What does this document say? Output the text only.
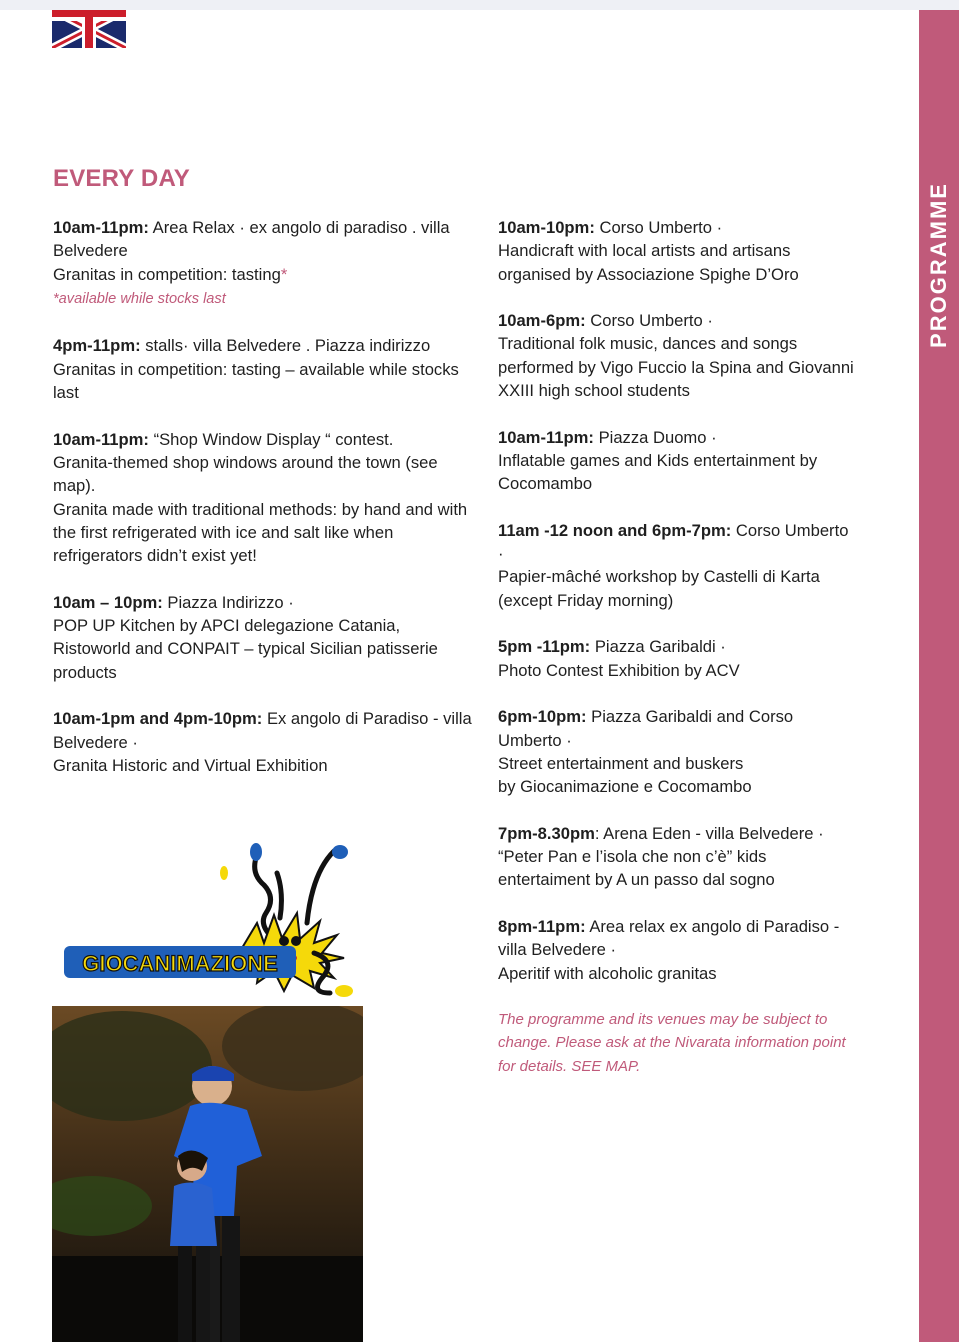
PROGRAMME
EVERY DAY

10am-11pm: Area Relax · ex angolo di paradiso . villa Belvedere
Granitas in competition: tasting*
*available while stocks last

4pm-11pm: stalls· villa Belvedere . Piazza indirizzo
Granitas in competition: tasting – available while stocks last

10am-11pm: “Shop Window Display “ contest.
Granita-themed shop windows around the town (see map).
Granita made with traditional methods: by hand and with the first refrigerated with ice and salt like when refrigerators didn’t exist yet!

10am – 10pm: Piazza Indirizzo ·
POP UP Kitchen by APCI delegazione Catania, Ristoworld and CONPAIT – typical Sicilian patisserie products

10am-1pm and 4pm-10pm: Ex angolo di Paradiso - villa Belvedere ·
Granita Historic and Virtual Exhibition

10am-10pm: Corso Umberto ·
Handicraft with local artists and artisans organised by Associazione Spighe D’Oro

10am-6pm: Corso Umberto ·
Traditional folk music, dances and songs performed by Vigo Fuccio la Spina and Giovanni XXIII high school students

10am-11pm: Piazza Duomo ·
Inflatable games and Kids entertainment by Cocomambo

11am -12 noon and 6pm-7pm: Corso Umberto ·
Papier-mâché workshop by Castelli di Karta (except Friday morning)

5pm -11pm: Piazza Garibaldi ·
Photo Contest Exhibition by ACV

6pm-10pm: Piazza Garibaldi and Corso Umberto ·
Street entertainment and buskers
by Giocanimazione e Cocomambo

7pm-8.30pm: Arena Eden - villa Belvedere ·
“Peter Pan e l’isola che non c’è” kids entertaiment by A un passo dal sogno

8pm-11pm: Area relax ex angolo di Paradiso - villa Belvedere ·
Aperitif with alcoholic granitas

The programme and its venues may be subject to change. Please ask at the Nivarata information point for details. SEE MAP.

GIOCANIMAZIONE
